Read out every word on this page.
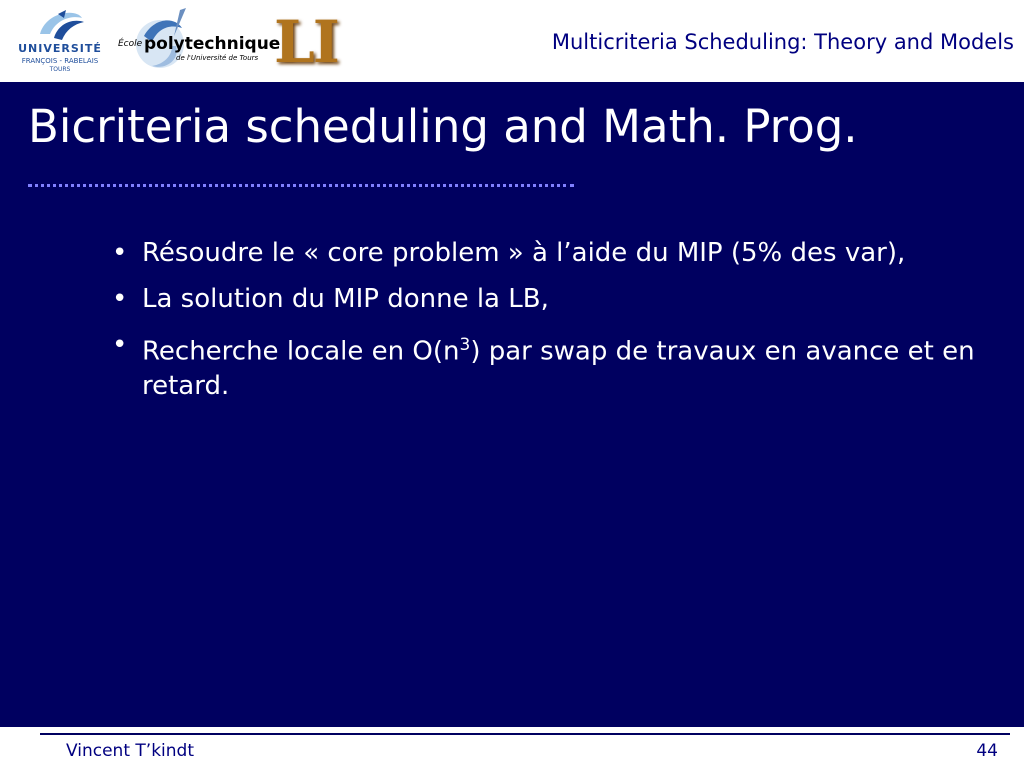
UNIVERSITÉ
FRANÇOIS - RABELAIS
TOURS
École polytechnique
de l'Université de Tours LI	Multicriteria Scheduling: Theory and Models
Bicriteria scheduling and Math. Prog.
• Résoudre le « core problem » à l’aide du MIP (5% des var),
• La solution du MIP donne la LB,
• Recherche locale en $O(n^3)$ par swap de travaux en avance et en retard.
Vincent T’kindt	44
